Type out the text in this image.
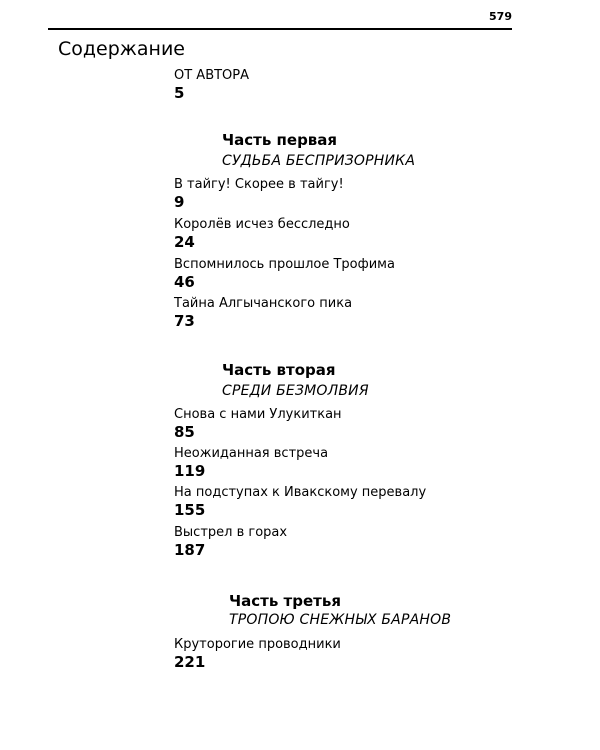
579
Содержание
ОТ АВТОРА
5
Часть первая
СУДЬБА БЕСПРИЗОРНИКА
В тайгу! Скорее в тайгу!
9
Королёв исчез бесследно
24
Вспомнилось прошлое Трофима
46
Тайна Алгычанского пика
73
Часть вторая
СРЕДИ БЕЗМОЛВИЯ
Снова с нами Улукиткан
85
Неожиданная встреча
119
На подступах к Ивакскому перевалу
155
Выстрел в горах
187
Часть третья
ТРОПОЮ СНЕЖНЫХ БАРАНОВ
Круторогие проводники
221
